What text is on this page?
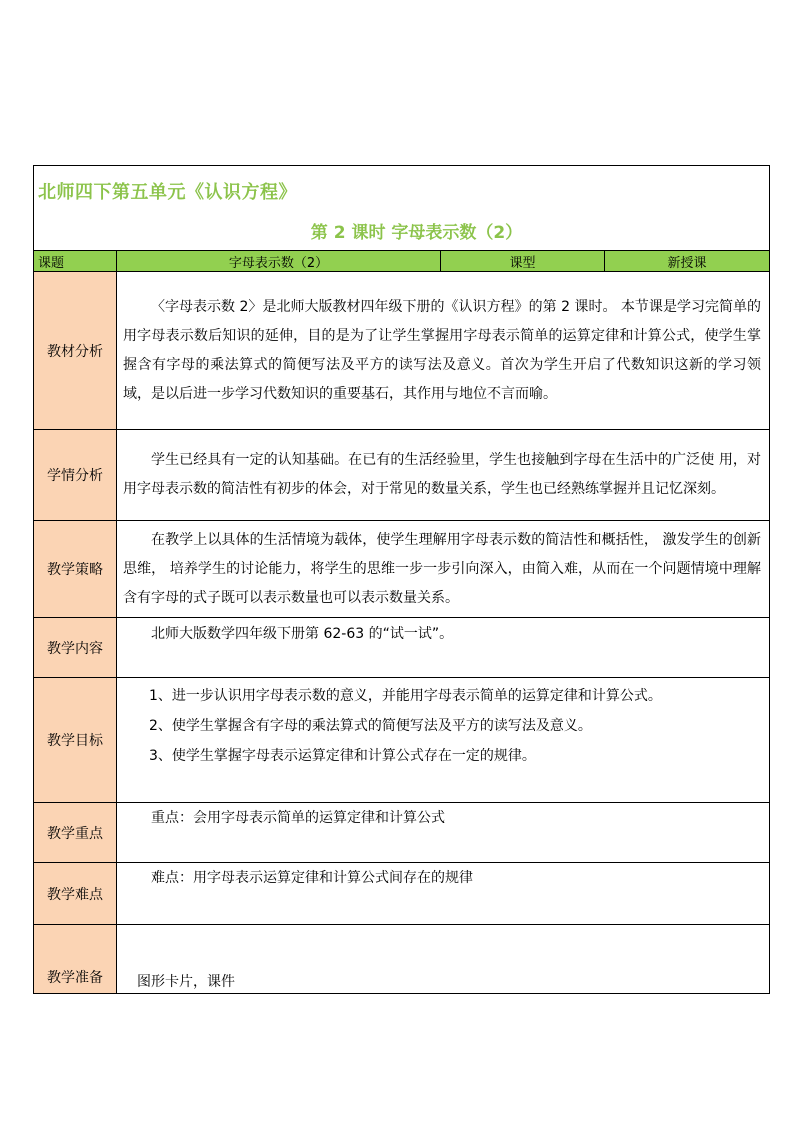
北师四下第五单元《认识方程》
第 2 课时 字母表示数（2）			

课题	字母表示数（2）	课型	新授课
教材分析	〈字母表示数 2〉是北师大版教材四年级下册的《认识方程》的第 2 课时。 本节课是学习完简单的用字母表示数后知识的延伸，目的是为了让学生掌握用字母表示简单的运算定律和计算公式，使学生掌握含有字母的乘法算式的简便写法及平方的读写法及意义。首次为学生开启了代数知识这新的学习领域，是以后进一步学习代数知识的重要基石，其作用与地位不言而喻。		
学情分析	学生已经具有一定的认知基础。在已有的生活经验里，学生也接触到字母在生活中的广泛使 用，对用字母表示数的简洁性有初步的体会，对于常见的数量关系，学生也已经熟练掌握并且记忆深刻。		
教学策略	在教学上以具体的生活情境为载体，使学生理解用字母表示数的简洁性和概括性， 激发学生的创新思维， 培养学生的讨论能力，将学生的思维一步一步引向深入，由简入难，从而在一个问题情境中理解含有字母的式子既可以表示数量也可以表示数量关系。		
教学内容	北师大版数学四年级下册第 62-63 的“试一试”。		
教学目标	1、进一步认识用字母表示数的意义，并能用字母表示简单的运算定律和计算公式。
2、使学生掌握含有字母的乘法算式的简便写法及平方的读写法及意义。
3、使学生掌握字母表示运算定律和计算公式存在一定的规律。		

教学重点	重点：会用字母表示简单的运算定律和计算公式		
教学难点	难点：用字母表示运算定律和计算公式间存在的规律		

教学准备	图形卡片，课件		
